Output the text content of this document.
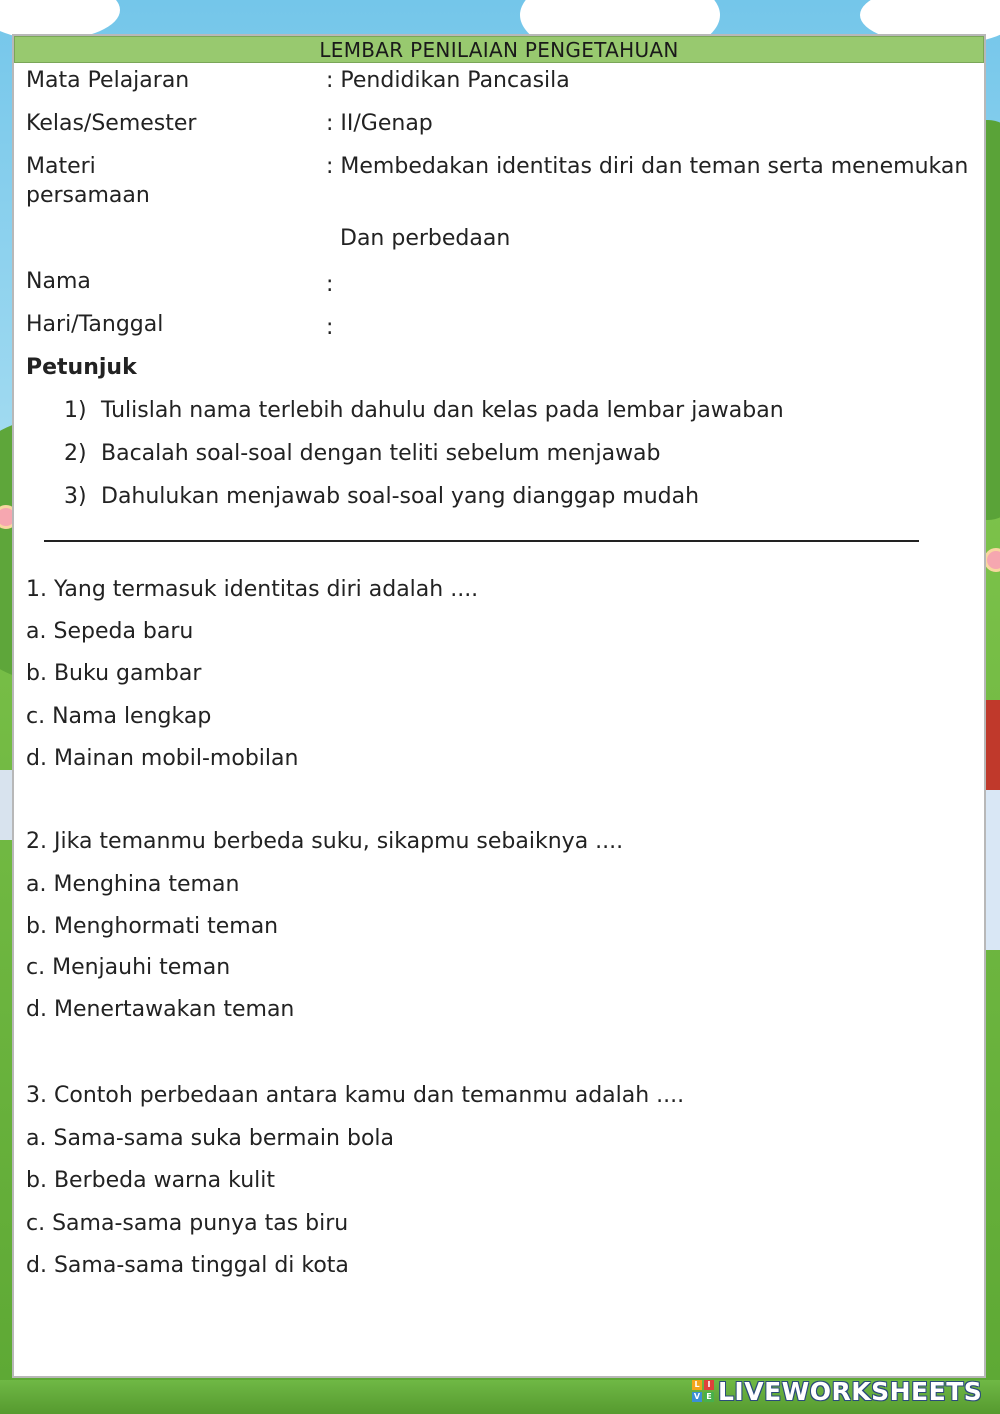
LEMBAR PENILAIAN PENGETAHUAN
Mata Pelajaran	: Pendidikan Pancasila
Kelas/Semester	: II/Genap
Materi	: Membedakan identitas diri dan teman serta menemukan
persamaan
Dan perbedaan
Nama	:
Hari/Tanggal	:
Petunjuk
1) Tulislah nama terlebih dahulu dan kelas pada lembar jawaban
2) Bacalah soal-soal dengan teliti sebelum menjawab
3) Dahulukan menjawab soal-soal yang dianggap mudah
1. Yang termasuk identitas diri adalah ....
a. Sepeda baru
b. Buku gambar
c. Nama lengkap
d. Mainan mobil-mobilan
2. Jika temanmu berbeda suku, sikapmu sebaiknya ....
a. Menghina teman
b. Menghormati teman
c. Menjauhi teman
d. Menertawakan teman
3. Contoh perbedaan antara kamu dan temanmu adalah ....
a. Sama-sama suka bermain bola
b. Berbeda warna kulit
c. Sama-sama punya tas biru
d. Sama-sama tinggal di kota
L I
V E LIVEWORKSHEETS
